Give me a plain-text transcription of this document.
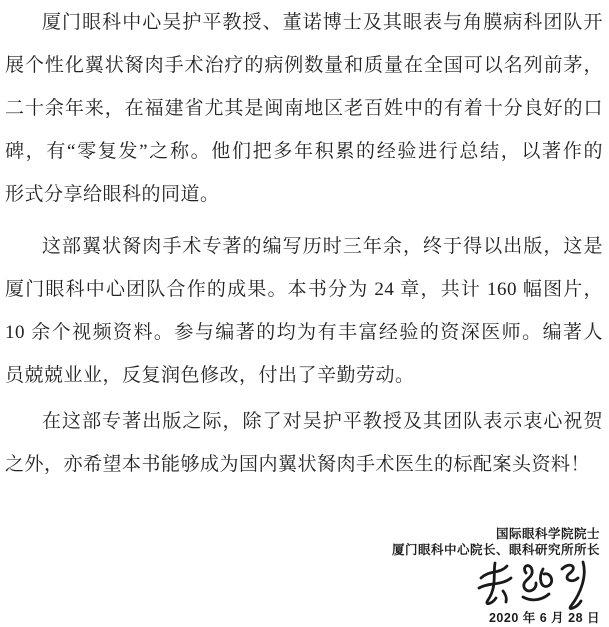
厦门眼科中心吴护平教授、董诺博士及其眼表与角膜病科团队开
展个性化翼状胬肉手术治疗的病例数量和质量在全国可以名列前茅，
二十余年来，在福建省尤其是闽南地区老百姓中的有着十分良好的口
碑，有“零复发”之称。他们把多年积累的经验进行总结，以著作的
形式分享给眼科的同道。
这部翼状胬肉手术专著的编写历时三年余，终于得以出版，这是
厦门眼科中心团队合作的成果。本书分为 24 章，共计 160 幅图片，
10 余个视频资料。参与编著的均为有丰富经验的资深医师。编著人
员兢兢业业，反复润色修改，付出了辛勤劳动。
在这部专著出版之际，除了对吴护平教授及其团队表示衷心祝贺
之外，亦希望本书能够成为国内翼状胬肉手术医生的标配案头资料！
国际眼科学院院士
厦门眼科中心院长、眼科研究所所长
2020 年 6 月 28 日
